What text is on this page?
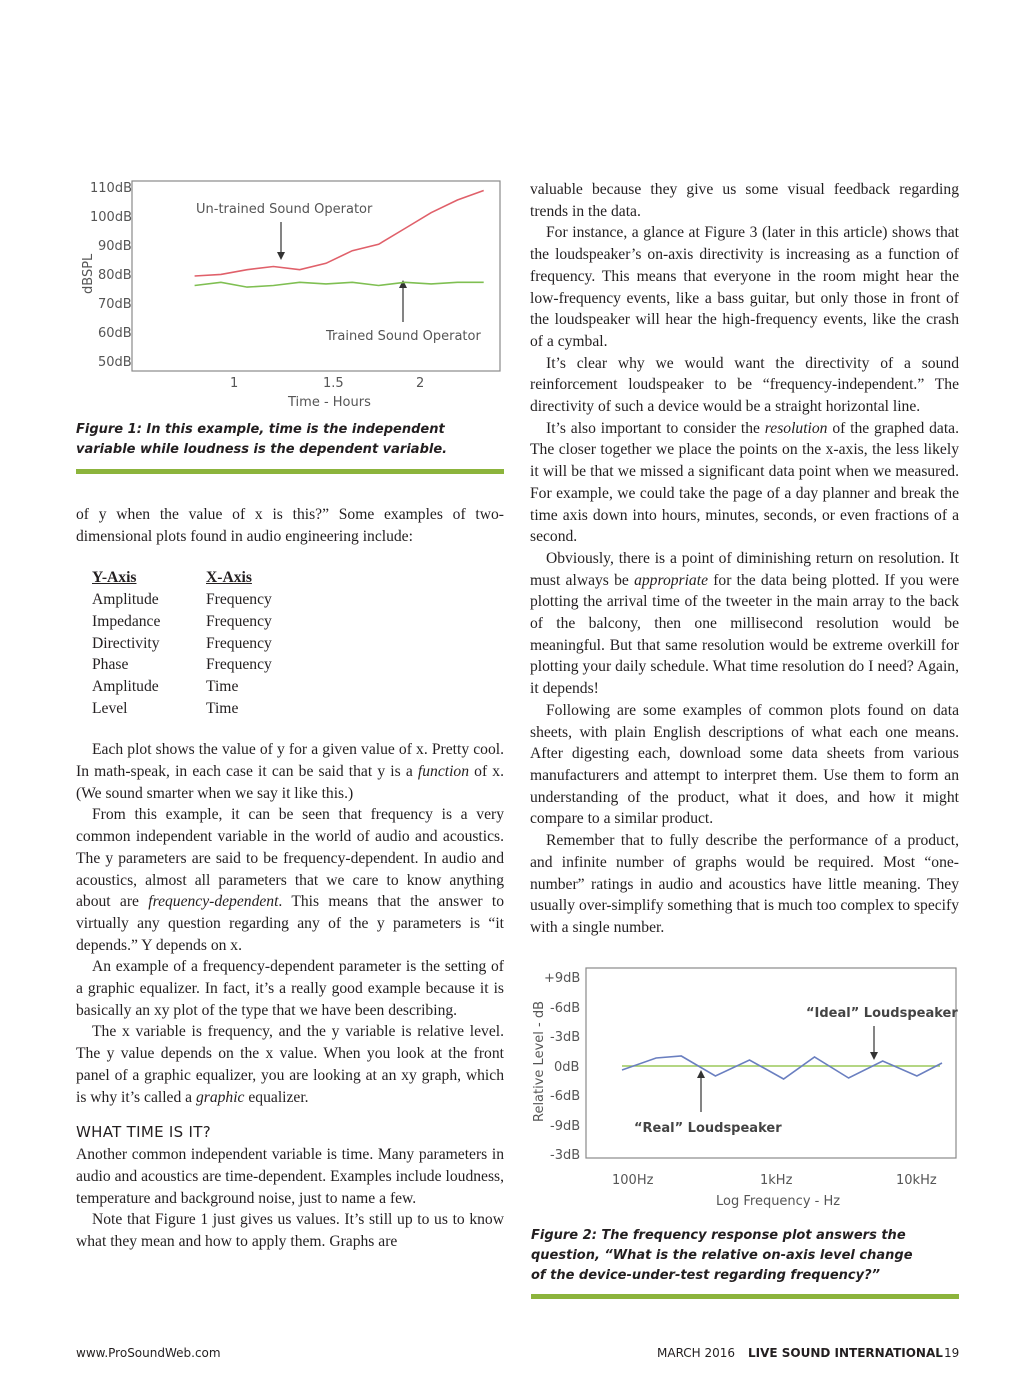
110dB
100dB
90dB
80dB
70dB
60dB
50dB
dBSPL
1	1.5	2
Time - Hours
Un-trained Sound Operator
Trained Sound Operator
Figure 1: In this example, time is the independent variable while loudness is the dependent variable.

of y when the value of x is this?” Some examples of two-dimensional plots found in audio engineering include:

Y-Axis	X-Axis
Amplitude	Frequency
Impedance	Frequency
Directivity	Frequency
Phase	Frequency
Amplitude	Time
Level	Time

Each plot shows the value of y for a given value of x. Pretty cool. In math-speak, in each case it can be said that y is a function of x. (We sound smarter when we say it like this.)

From this example, it can be seen that frequency is a very common independent variable in the world of audio and acoustics. The y parameters are said to be frequency-dependent. In audio and acoustics, almost all parameters that we care to know anything about are frequency-dependent. This means that the answer to virtually any question regarding any of the y parameters is “it depends.” Y depends on x.

An example of a frequency-dependent parameter is the setting of a graphic equalizer. In fact, it’s a really good example because it is basically an xy plot of the type that we have been describing.

The x variable is frequency, and the y variable is relative level. The y value depends on the x value. When you look at the front panel of a graphic equalizer, you are looking at an xy graph, which is why it’s called a graphic equalizer.

WHAT TIME IS IT?

Another common independent variable is time. Many parameters in audio and acoustics are time-dependent. Examples include loudness, temperature and background noise, just to name a few.

Note that Figure 1 just gives us values. It’s still up to us to know what they mean and how to apply them. Graphs are

valuable because they give us some visual feedback regarding trends in the data.

For instance, a glance at Figure 3 (later in this article) shows that the loudspeaker’s on-axis directivity is increasing as a function of frequency. This means that everyone in the room might hear the low-frequency events, like a bass guitar, but only those in front of the loudspeaker will hear the high-frequency events, like the crash of a cymbal.

It’s clear why we would want the directivity of a sound reinforcement loudspeaker to be “frequency-independent.” The directivity of such a device would be a straight horizontal line.

It’s also important to consider the resolution of the graphed data. The closer together we place the points on the x-axis, the less likely it will be that we missed a significant data point when we measured. For example, we could take the page of a day planner and break the time axis down into hours, minutes, seconds, or even fractions of a second.

Obviously, there is a point of diminishing return on resolution. It must always be appropriate for the data being plotted. If you were plotting the arrival time of the tweeter in the main array to the back of the balcony, then one millisecond resolution would be meaningful. But that same resolution would be extreme overkill for plotting your daily schedule. What time resolution do I need? Again, it depends!

Following are some examples of common plots found on data sheets, with plain English descriptions of what each one means. After digesting each, download some data sheets from various manufacturers and attempt to interpret them. Use them to form an understanding of the product, what it does, and how it might compare to a similar product.

Remember that to fully describe the performance of a product, and infinite number of graphs would be required. Most “one-number” ratings in audio and acoustics have little meaning. They usually over-simplify something that is much too complex to specify with a single number.

+9dB
-6dB
-3dB
0dB
-6dB
-9dB
-3dB
Relative Level - dB
100Hz	1kHz	10kHz
Log Frequency - Hz
“Ideal” Loudspeaker
“Real” Loudspeaker
Figure 2: The frequency response plot answers the question, “What is the relative on-axis level change of the device-under-test regarding frequency?”
www.ProSoundWeb.com	MARCH 2016 LIVE SOUND INTERNATIONAL 19
